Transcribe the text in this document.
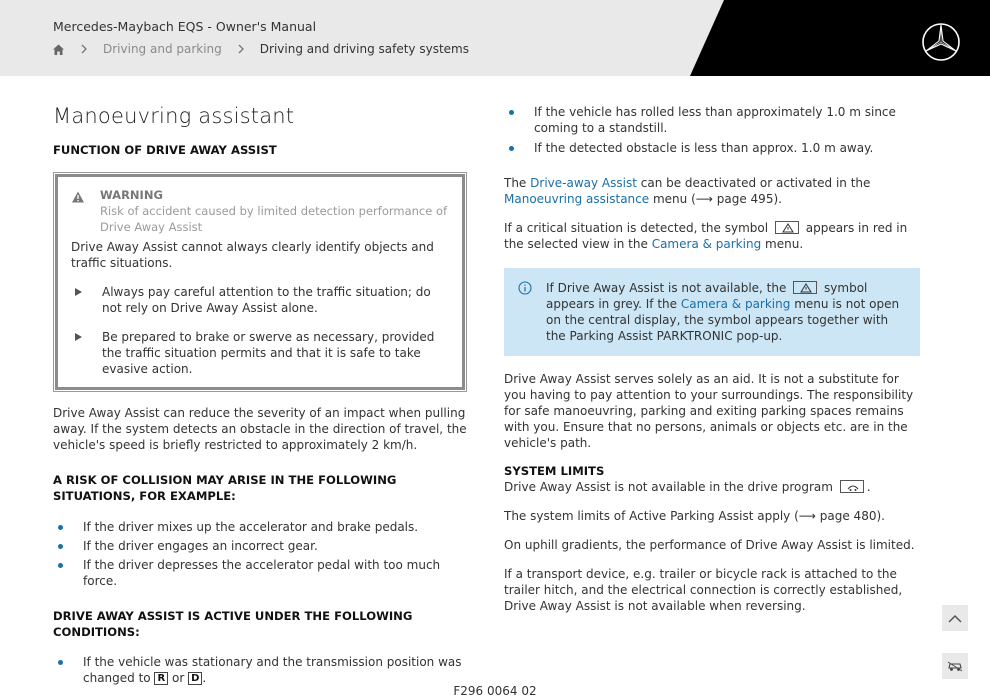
Mercedes-Maybach EQS - Owner's Manual
Driving and parking	Driving and driving safety systems
Manoeuvring assistant
FUNCTION OF DRIVE AWAY ASSIST
WARNING
Risk of accident caused by limited detection performance of Drive Away Assist

Drive Away Assist cannot always clearly identify objects and traffic situations.

Always pay careful attention to the traffic situation; do not rely on Drive Away Assist alone.

Be prepared to brake or swerve as necessary, provided the traffic situation permits and that it is safe to take evasive action.

Drive Away Assist can reduce the severity of an impact when pulling away. If the system detects an obstacle in the direction of travel, the vehicle's speed is briefly restricted to approximately 2 km/h.

A RISK OF COLLISION MAY ARISE IN THE FOLLOWING SITUATIONS, FOR EXAMPLE:
If the driver mixes up the accelerator and brake pedals.
If the driver engages an incorrect gear.
If the driver depresses the accelerator pedal with too much force.
DRIVE AWAY ASSIST IS ACTIVE UNDER THE FOLLOWING CONDITIONS:
If the vehicle was stationary and the transmission position was changed to R or D .
If the vehicle has rolled less than approximately 1.0 m since coming to a standstill.
If the detected obstacle is less than approx. 1.0 m away.

The Drive-away Assist can be deactivated or activated in the Manoeuvring assistance menu (⟶ page 495).

If a critical situation is detected, the symbol	appears in red in the selected view in the Camera & parking menu.

If Drive Away Assist is not available, the	symbol appears in grey. If the Camera & parking menu is not open on the central display, the symbol appears together with the Parking Assist PARKTRONIC pop-up.

Drive Away Assist serves solely as an aid. It is not a substitute for you having to pay attention to your surroundings. The responsibility for safe manoeuvring, parking and exiting parking spaces remains with you. Ensure that no persons, animals or objects etc. are in the vehicle's path.

SYSTEM LIMITS

Drive Away Assist is not available in the drive program	.

The system limits of Active Parking Assist apply (⟶ page 480).

On uphill gradients, the performance of Drive Away Assist is limited.

If a transport device, e.g. trailer or bicycle rack is attached to the trailer hitch, and the electrical connection is correctly established, Drive Away Assist is not available when reversing.

F296 0064 02
